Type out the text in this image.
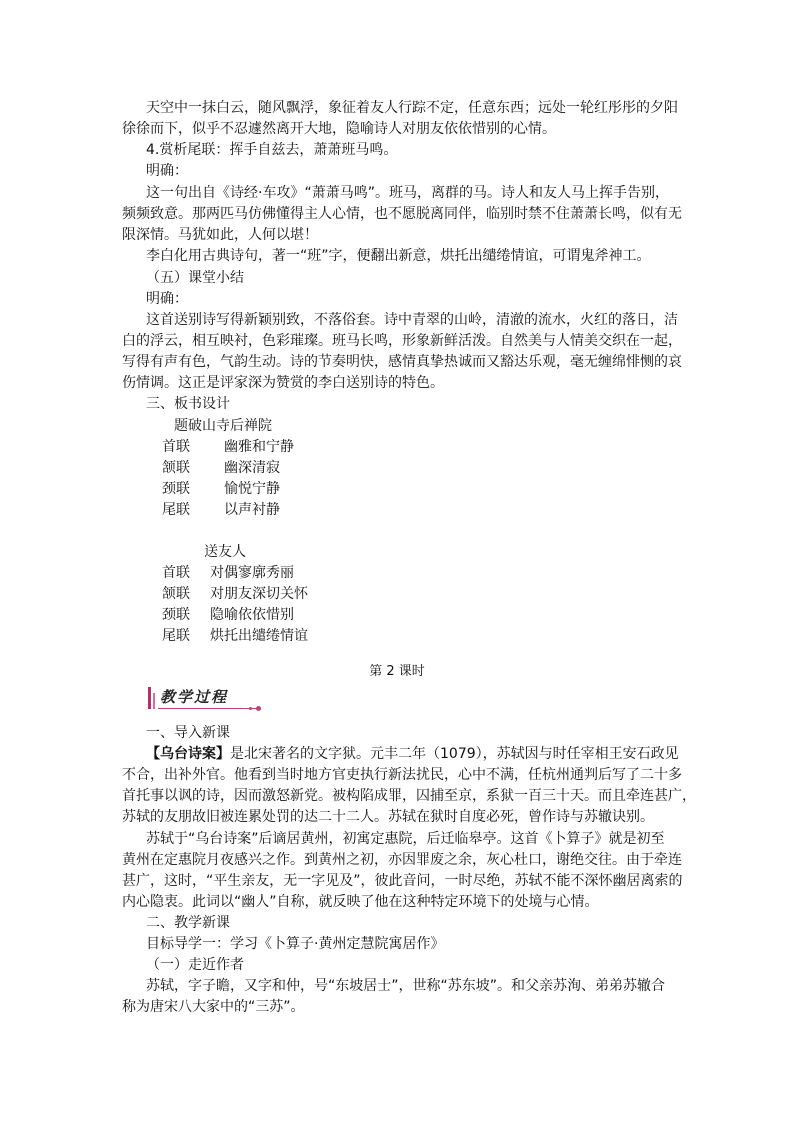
天空中一抹白云，随风飘浮，象征着友人行踪不定，任意东西；远处一轮红彤彤的夕阳
徐徐而下，似乎不忍遽然离开大地，隐喻诗人对朋友依依惜别的心情。
4.赏析尾联：挥手自兹去，萧萧班马鸣。
明确：
这一句出自《诗经·车攻》“萧萧马鸣”。班马，离群的马。诗人和友人马上挥手告别，
频频致意。那两匹马仿佛懂得主人心情，也不愿脱离同伴，临别时禁不住萧萧长鸣，似有无
限深情。马犹如此，人何以堪！
李白化用古典诗句，著一“班”字，便翻出新意，烘托出缱绻情谊，可谓鬼斧神工。
（五）课堂小结
明确：
这首送别诗写得新颖别致，不落俗套。诗中青翠的山岭，清澈的流水，火红的落日，洁
白的浮云，相互映衬，色彩璀璨。班马长鸣，形象新鲜活泼。自然美与人情美交织在一起，
写得有声有色，气韵生动。诗的节奏明快，感情真挚热诚而又豁达乐观，毫无缠绵悱恻的哀
伤情调。这正是评家深为赞赏的李白送别诗的特色。
三、板书设计
题破山寺后禅院
首联 幽雅和宁静
颔联 幽深清寂
颈联 愉悦宁静
尾联 以声衬静
送友人
首联 对偶寥廓秀丽
颔联 对朋友深切关怀
颈联 隐喻依依惜别
尾联 烘托出缱绻情谊
第 2 课时
教学过程
一、导入新课
【乌台诗案】是北宋著名的文字狱。元丰二年（1079），苏轼因与时任宰相王安石政见
不合，出补外官。他看到当时地方官吏执行新法扰民，心中不满，任杭州通判后写了二十多
首托事以讽的诗，因而激怒新党。被构陷成罪，囚捕至京，系狱一百三十天。而且牵连甚广，
苏轼的友朋故旧被连累处罚的达二十二人。苏轼在狱时自度必死，曾作诗与苏辙诀别。
苏轼于“乌台诗案”后谪居黄州，初寓定惠院，后迁临皋亭。这首《卜算子》就是初至
黄州在定惠院月夜感兴之作。到黄州之初，亦因罪废之余，灰心杜口，谢绝交往。由于牵连
甚广，这时，“平生亲友，无一字见及”，彼此音问，一时尽绝，苏轼不能不深怀幽居离索的
内心隐衷。此词以“幽人”自称，就反映了他在这种特定环境下的处境与心情。
二、教学新课
目标导学一：学习《卜算子·黄州定慧院寓居作》
（一）走近作者
苏轼，字子瞻，又字和仲，号“东坡居士”，世称“苏东坡”。和父亲苏洵、弟弟苏辙合
称为唐宋八大家中的“三苏”。
